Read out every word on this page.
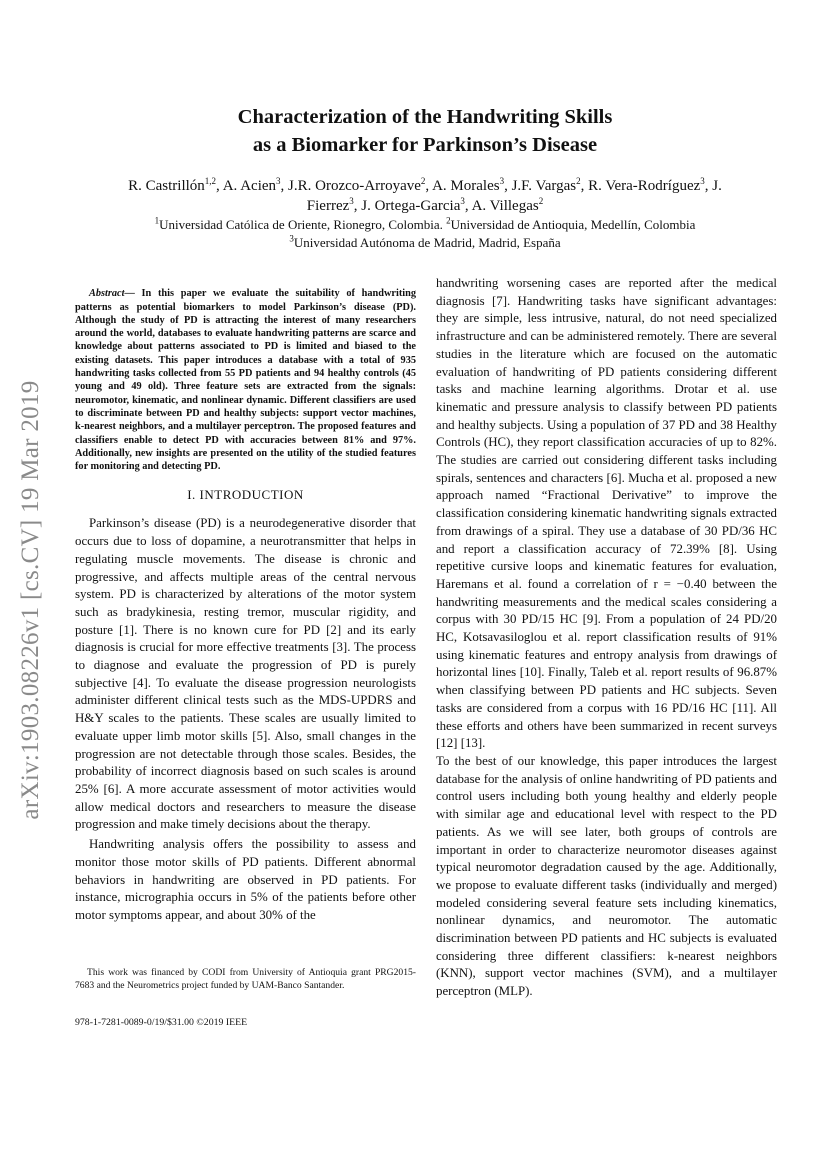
arXiv:1903.08226v1 [cs.CV] 19 Mar 2019
Characterization of the Handwriting Skills
as a Biomarker for Parkinson’s Disease
R. Castrillón$^{1,2}$, A. Acien$^3$, J.R. Orozco-Arroyave$^2$, A. Morales$^3$, J.F. Vargas$^2$, R. Vera-Rodríguez$^3$, J. Fierrez$^3$, J. Ortega-Garcia$^3$, A. Villegas$^2$
$^1$Universidad Católica de Oriente, Rionegro, Colombia. $^2$Universidad de Antioquia, Medellín, Colombia
$^3$Universidad Autónoma de Madrid, Madrid, España

Abstract— In this paper we evaluate the suitability of handwriting patterns as potential biomarkers to model Parkinson’s disease (PD). Although the study of PD is attracting the interest of many researchers around the world, databases to evaluate handwriting patterns are scarce and knowledge about patterns associated to PD is limited and biased to the existing datasets. This paper introduces a database with a total of 935 handwriting tasks collected from 55 PD patients and 94 healthy controls (45 young and 49 old). Three feature sets are extracted from the signals: neuromotor, kinematic, and nonlinear dynamic. Different classifiers are used to discriminate between PD and healthy subjects: support vector machines, k-nearest neighbors, and a multilayer perceptron. The proposed features and classifiers enable to detect PD with accuracies between 81% and 97%. Additionally, new insights are presented on the utility of the studied features for monitoring and detecting PD.

I. INTRODUCTION

Parkinson’s disease (PD) is a neurodegenerative disorder that occurs due to loss of dopamine, a neurotransmitter that helps in regulating muscle movements. The disease is chronic and progressive, and affects multiple areas of the central nervous system. PD is characterized by alterations of the motor system such as bradykinesia, resting tremor, muscular rigidity, and posture [1]. There is no known cure for PD [2] and its early diagnosis is crucial for more effective treatments [3]. The process to diagnose and evaluate the progression of PD is purely subjective [4]. To evaluate the disease progression neurologists administer different clinical tests such as the MDS-UPDRS and H&Y scales to the patients. These scales are usually limited to evaluate upper limb motor skills [5]. Also, small changes in the progression are not detectable through those scales. Besides, the probability of incorrect diagnosis based on such scales is around 25% [6]. A more accurate assessment of motor activities would allow medical doctors and researchers to measure the disease progression and make timely decisions about the therapy.

Handwriting analysis offers the possibility to assess and monitor those motor skills of PD patients. Different abnormal behaviors in handwriting are observed in PD patients. For instance, micrographia occurs in 5% of the patients before other motor symptoms appear, and about 30% of the

handwriting worsening cases are reported after the medical diagnosis [7]. Handwriting tasks have significant advantages: they are simple, less intrusive, natural, do not need specialized infrastructure and can be administered remotely. There are several studies in the literature which are focused on the automatic evaluation of handwriting of PD patients considering different tasks and machine learning algorithms. Drotar et al. use kinematic and pressure analysis to classify between PD patients and healthy subjects. Using a population of 37 PD and 38 Healthy Controls (HC), they report classification accuracies of up to 82%. The studies are carried out considering different tasks including spirals, sentences and characters [6]. Mucha et al. proposed a new approach named “Fractional Derivative” to improve the classification considering kinematic handwriting signals extracted from drawings of a spiral. They use a database of 30 PD/36 HC and report a classification accuracy of 72.39% [8]. Using repetitive cursive loops and kinematic features for evaluation, Haremans et al. found a correlation of r = −0.40 between the handwriting measurements and the medical scales considering a corpus with 30 PD/15 HC [9]. From a population of 24 PD/20 HC, Kotsavasiloglou et al. report classification results of 91% using kinematic features and entropy analysis from drawings of horizontal lines [10]. Finally, Taleb et al. report results of 96.87% when classifying between PD patients and HC subjects. Seven tasks are considered from a corpus with 16 PD/16 HC [11]. All these efforts and others have been summarized in recent surveys [12] [13].

To the best of our knowledge, this paper introduces the largest database for the analysis of online handwriting of PD patients and control users including both young healthy and elderly people with similar age and educational level with respect to the PD patients. As we will see later, both groups of controls are important in order to characterize neuromotor diseases against typical neuromotor degradation caused by the age. Additionally, we propose to evaluate different tasks (individually and merged) modeled considering several feature sets including kinematics, nonlinear dynamics, and neuromotor. The automatic discrimination between PD patients and HC subjects is evaluated considering three different classifiers: k-nearest neighbors (KNN), support vector machines (SVM), and a multilayer perceptron (MLP).

This work was financed by CODI from University of Antioquia grant PRG2015-7683 and the Neurometrics project funded by UAM-Banco Santander.
978-1-7281-0089-0/19/$31.00 ©2019 IEEE
